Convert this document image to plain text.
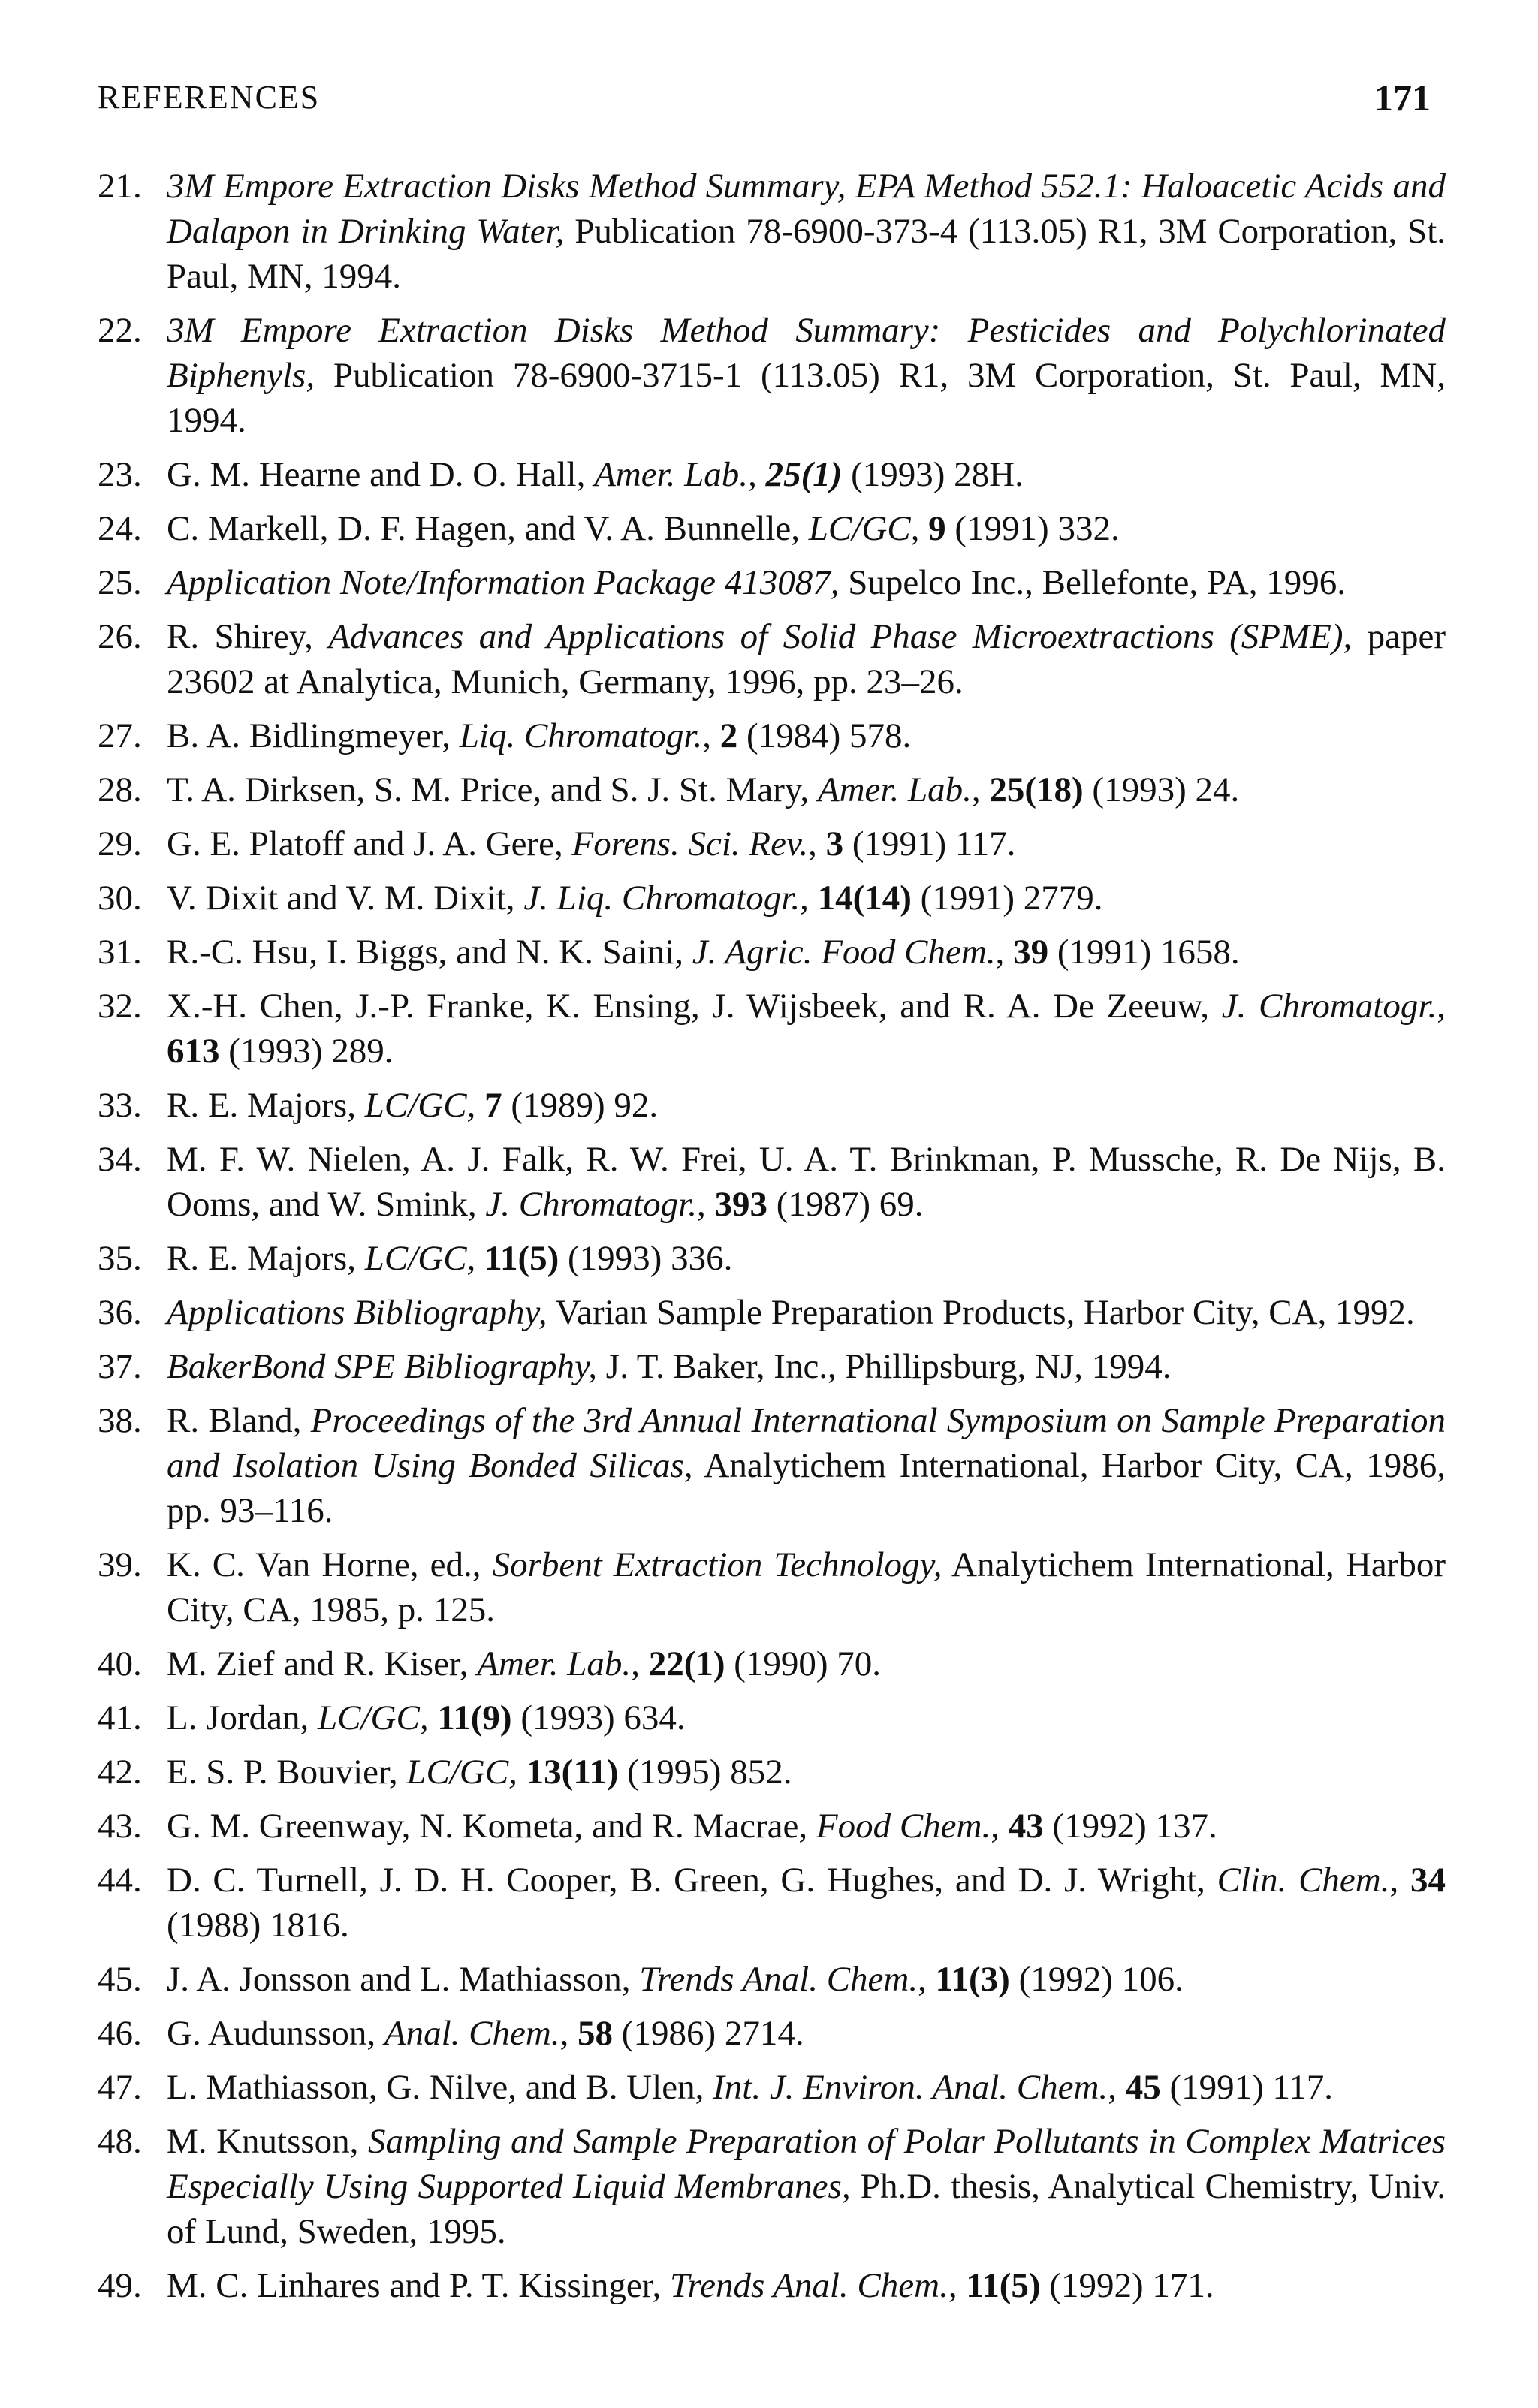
REFERENCES	171
21. 3M Empore Extraction Disks Method Summary, EPA Method 552.1: Haloacetic Acids and Dalapon in Drinking Water, Publication 78-6900-373-4 (113.05) R1, 3M Corporation, St. Paul, MN, 1994.
22. 3M Empore Extraction Disks Method Summary: Pesticides and Polychlorinated Biphenyls, Publication 78-6900-3715-1 (113.05) R1, 3M Corporation, St. Paul, MN, 1994.
23. G. M. Hearne and D. O. Hall, Amer. Lab., 25(1) (1993) 28H.
24. C. Markell, D. F. Hagen, and V. A. Bunnelle, LC/GC, 9 (1991) 332.
25. Application Note/Information Package 413087, Supelco Inc., Bellefonte, PA, 1996.
26. R. Shirey, Advances and Applications of Solid Phase Microextractions (SPME), paper 23602 at Analytica, Munich, Germany, 1996, pp. 23–26.
27. B. A. Bidlingmeyer, Liq. Chromatogr., 2 (1984) 578.
28. T. A. Dirksen, S. M. Price, and S. J. St. Mary, Amer. Lab., 25(18) (1993) 24.
29. G. E. Platoff and J. A. Gere, Forens. Sci. Rev., 3 (1991) 117.
30. V. Dixit and V. M. Dixit, J. Liq. Chromatogr., 14(14) (1991) 2779.
31. R.-C. Hsu, I. Biggs, and N. K. Saini, J. Agric. Food Chem., 39 (1991) 1658.
32. X.-H. Chen, J.-P. Franke, K. Ensing, J. Wijsbeek, and R. A. De Zeeuw, J. Chromatogr., 613 (1993) 289.
33. R. E. Majors, LC/GC, 7 (1989) 92.
34. M. F. W. Nielen, A. J. Falk, R. W. Frei, U. A. T. Brinkman, P. Mussche, R. De Nijs, B. Ooms, and W. Smink, J. Chromatogr., 393 (1987) 69.
35. R. E. Majors, LC/GC, 11(5) (1993) 336.
36. Applications Bibliography, Varian Sample Preparation Products, Harbor City, CA, 1992.
37. BakerBond SPE Bibliography, J. T. Baker, Inc., Phillipsburg, NJ, 1994.
38. R. Bland, Proceedings of the 3rd Annual International Symposium on Sample Preparation and Isolation Using Bonded Silicas, Analytichem International, Harbor City, CA, 1986, pp. 93–116.
39. K. C. Van Horne, ed., Sorbent Extraction Technology, Analytichem International, Harbor City, CA, 1985, p. 125.
40. M. Zief and R. Kiser, Amer. Lab., 22(1) (1990) 70.
41. L. Jordan, LC/GC, 11(9) (1993) 634.
42. E. S. P. Bouvier, LC/GC, 13(11) (1995) 852.
43. G. M. Greenway, N. Kometa, and R. Macrae, Food Chem., 43 (1992) 137.
44. D. C. Turnell, J. D. H. Cooper, B. Green, G. Hughes, and D. J. Wright, Clin. Chem., 34 (1988) 1816.
45. J. A. Jonsson and L. Mathiasson, Trends Anal. Chem., 11(3) (1992) 106.
46. G. Audunsson, Anal. Chem., 58 (1986) 2714.
47. L. Mathiasson, G. Nilve, and B. Ulen, Int. J. Environ. Anal. Chem., 45 (1991) 117.
48. M. Knutsson, Sampling and Sample Preparation of Polar Pollutants in Complex Matrices Especially Using Supported Liquid Membranes, Ph.D. thesis, Analytical Chemistry, Univ. of Lund, Sweden, 1995.
49. M. C. Linhares and P. T. Kissinger, Trends Anal. Chem., 11(5) (1992) 171.
